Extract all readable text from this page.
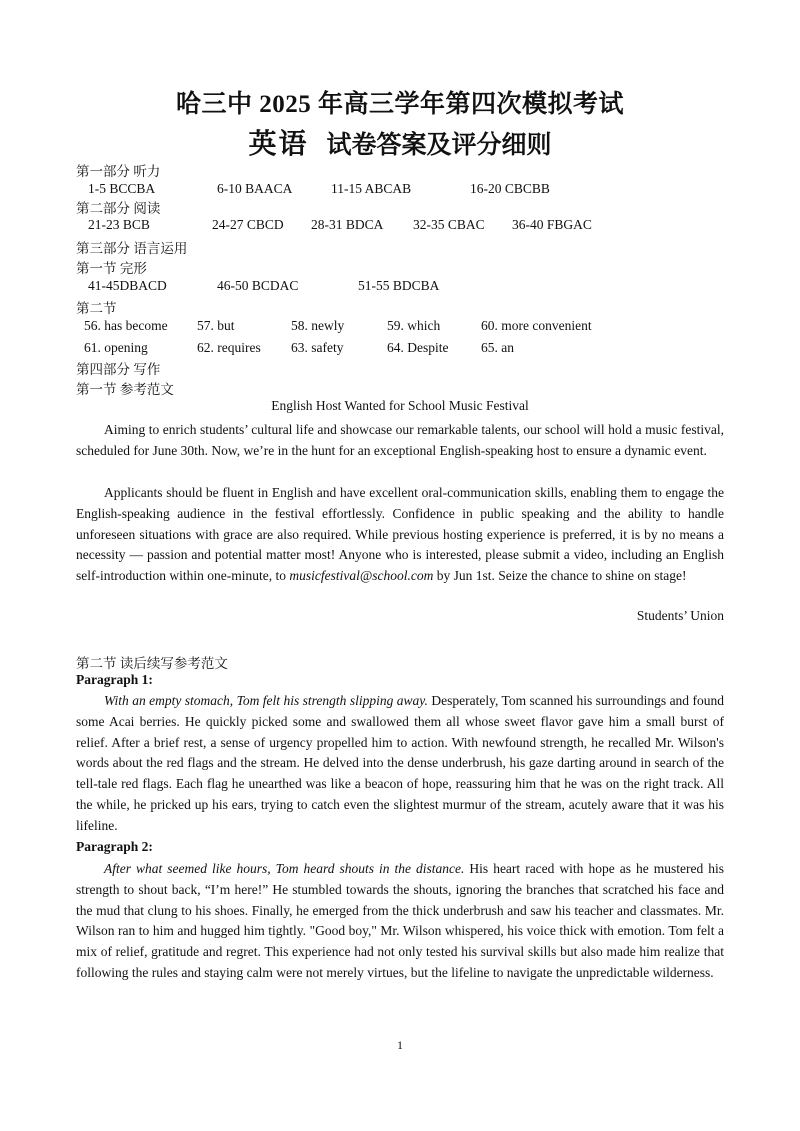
哈三中 2025 年高三学年第四次模拟考试
英语 试卷答案及评分细则
第一部分 听力
1-5 BCCBA	6-10 BAACA	11-15 ABCAB	16-20 CBCBB
第二部分 阅读
21-23 BCB	24-27 CBCD 28-31 BDCA 32-35 CBAC 36-40 FBGAC
第三部分 语言运用
第一节 完形
41-45DBACD	46-50 BCDAC	51-55 BDCBA
第二节
56. has become 57. but	58. newly	59. which	60. more convenient
61. opening	62. requires 63. safety	64. Despite 65. an
第四部分 写作
第一节 参考范文
English Host Wanted for School Music Festival

Aiming to enrich students’ cultural life and showcase our remarkable talents, our school will hold a music festival, scheduled for June 30th. Now, we’re in the hunt for an exceptional English-speaking host to ensure a dynamic event.

Applicants should be fluent in English and have excellent oral-communication skills, enabling them to engage the English-speaking audience in the festival effortlessly. Confidence in public speaking and the ability to handle unforeseen situations with grace are also required. While previous hosting experience is preferred, it is by no means a necessity — passion and potential matter most! Anyone who is interested, please submit a video, including an English self-introduction within one-minute, to musicfestival@school.com by Jun 1st. Seize the chance to shine on stage!

Students’ Union
第二节 读后续写参考范文
Paragraph 1:

With an empty stomach, Tom felt his strength slipping away. Desperately, Tom scanned his surroundings and found some Acai berries. He quickly picked some and swallowed them all whose sweet flavor gave him a small burst of relief. After a brief rest, a sense of urgency propelled him to action. With newfound strength, he recalled Mr. Wilson's words about the red flags and the stream. He delved into the dense underbrush, his gaze darting around in search of the tell-tale red flags. Each flag he unearthed was like a beacon of hope, reassuring him that he was on the right track. All the while, he pricked up his ears, trying to catch even the slightest murmur of the stream, acutely aware that it was his lifeline.

Paragraph 2:

After what seemed like hours, Tom heard shouts in the distance. His heart raced with hope as he mustered his strength to shout back, “I’m here!” He stumbled towards the shouts, ignoring the branches that scratched his face and the mud that clung to his shoes. Finally, he emerged from the thick underbrush and saw his teacher and classmates. Mr. Wilson ran to him and hugged him tightly. "Good boy," Mr. Wilson whispered, his voice thick with emotion. Tom felt a mix of relief, gratitude and regret. This experience had not only tested his survival skills but also made him realize that following the rules and staying calm were not merely virtues, but the lifeline to navigate the unpredictable wilderness.

1
